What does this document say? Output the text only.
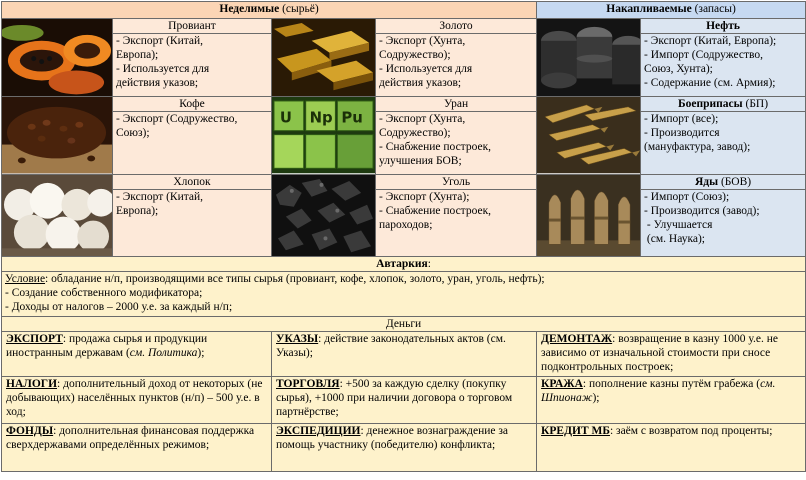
Неделимые (сырьё)				Накапливаемые (запасы)	

	Провиант		Золото		Нефть

	- Экспорт (Китай,
Европа);
- Используется для
действия указов;		- Экспорт (Хунта,
Содружество);
- Используется для
действия указов;		- Экспорт (Китай, Европа);
- Импорт (Содружество,
Союз, Хунта);
- Содержание (см. Армия);

	Кофе	U Np Pu	Уран		Боеприпасы (БП)

	- Экспорт (Содружество,
Союз);		- Экспорт (Хунта,
Содружество);
- Снабжение построек,
улучшения БОВ;		- Импорт (все);
- Производится
(мануфактура, завод);

	Хлопок		Уголь		Яды (БОВ)

	- Экспорт (Китай,
Европа);		- Экспорт (Хунта);
- Снабжение построек,
пароходов;		- Импорт (Союз);
- Производится (завод);
- Улучшается
(см. Наука);

Автаркия:					

Условие: обладание н/п, производящими все типы сырья (провиант, кофе, хлопок, золото, уран, уголь, нефть);
- Создание собственного модификатора;
- Доходы от налогов – 2000 у.е. за каждый н/п;					

Деньги					
ЭКСПОРТ: продажа сырья и продукции иностранным державам (см. Политика);		УКАЗЫ: действие законодательных актов (см. Указы);		ДЕМОНТАЖ: возвращение в казну 1000 у.е. не зависимо от изначальной стоимости при сносе подконтрольных построек;	
НАЛОГИ: дополнительный доход от некоторых (не добывающих) населённых пунктов (н/п) – 500 у.е. в ход;		ТОРГОВЛЯ: +500 за каждую сделку (покупку сырья), +1000 при наличии договора о торговом партнёрстве;		КРАЖА: пополнение казны путём грабежа (см. Шпионаж);	
ФОНДЫ: дополнительная финансовая поддержка сверхдержавами определённых режимов;		ЭКСПЕДИЦИИ: денежное вознаграждение за помощь участнику (победителю) конфликта;		КРЕДИТ МБ: заём с возвратом под проценты;	
